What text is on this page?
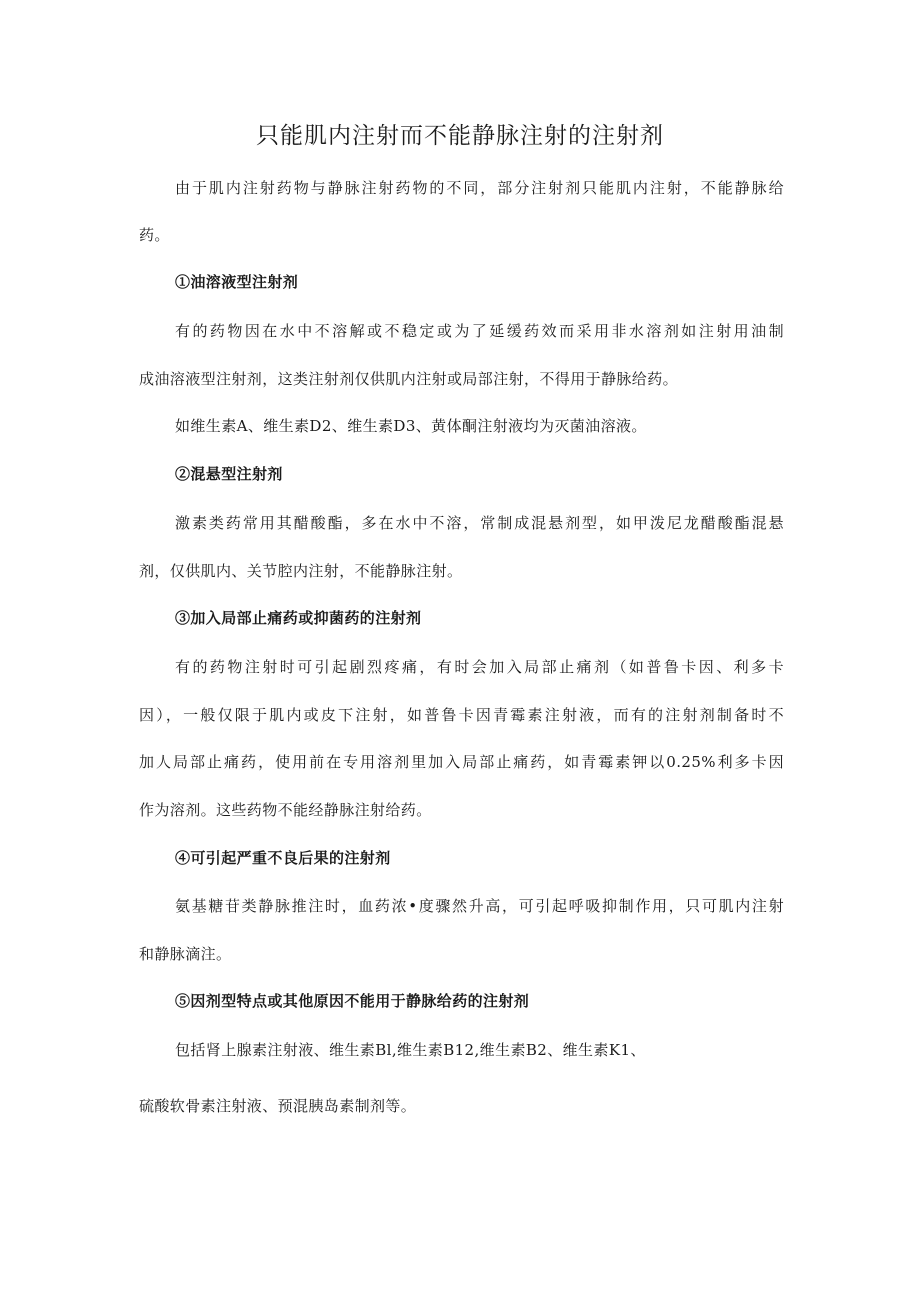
只能肌内注射而不能静脉注射的注射剂

由于肌内注射药物与静脉注射药物的不同，部分注射剂只能肌内注射，不能静脉给

药。

①油溶液型注射剂

有的药物因在水中不溶解或不稳定或为了延缓药效而采用非水溶剂如注射用油制

成油溶液型注射剂，这类注射剂仅供肌内注射或局部注射，不得用于静脉给药。

如维生素A、维生素D2、维生素D3、黄体酮注射液均为灭菌油溶液。

②混悬型注射剂

激素类药常用其醋酸酯，多在水中不溶，常制成混悬剂型，如甲泼尼龙醋酸酯混悬

剂，仅供肌内、关节腔内注射，不能静脉注射。

③加入局部止痛药或抑菌药的注射剂

有的药物注射时可引起剧烈疼痛，有时会加入局部止痛剂（如普鲁卡因、利多卡

因），一般仅限于肌内或皮下注射，如普鲁卡因青霉素注射液，而有的注射剂制备时不

加人局部止痛药，使用前在专用溶剂里加入局部止痛药，如青霉素钾以0.25%利多卡因

作为溶剂。这些药物不能经静脉注射给药。

④可引起严重不良后果的注射剂

氨基糖苷类静脉推注时，血药浓•度骤然升高，可引起呼吸抑制作用，只可肌内注射

和静脉滴注。

⑤因剂型特点或其他原因不能用于静脉给药的注射剂

包括肾上腺素注射液、维生素Bl,维生素B12,维生素B2、维生素K1、

硫酸软骨素注射液、预混胰岛素制剂等。
